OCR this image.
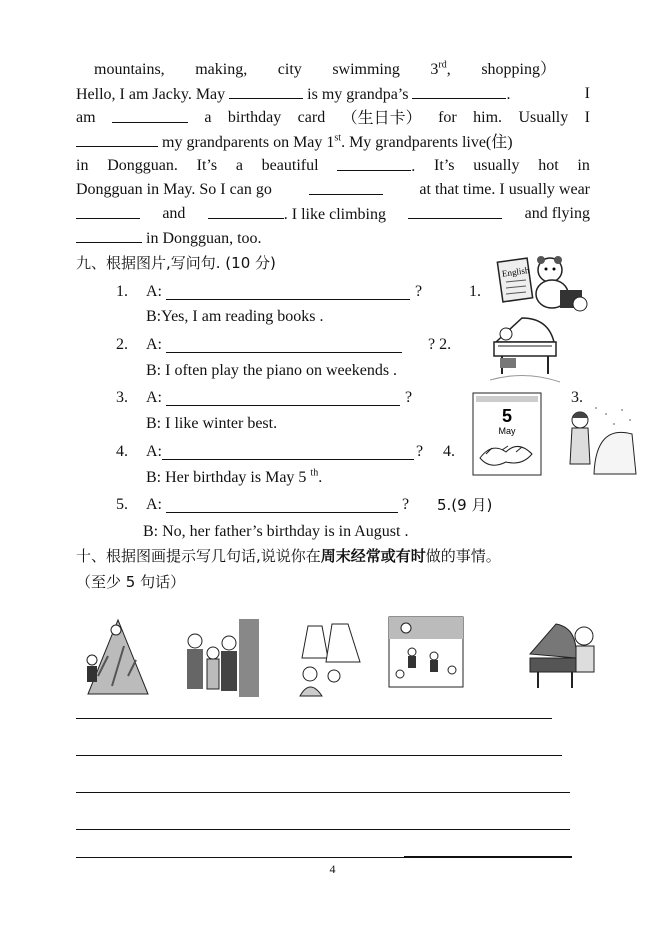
mountains, making, city swimming 3rd, shopping）
Hello, I am Jacky. May	is my grandpa’s	.	I
am	a birthday card （生日卡） for him. Usually I
my grandparents on May 1st. My grandparents live(住)
in Dongguan. It’s a beautiful	. It’s usually hot in
Dongguan in May. So I can go	at that time. I usually wear
and	. I like climbing	and flying
in Dongguan, too.
九、根据图片,写问句. (10 分)
1. A:	?	1.
B:Yes, I am reading books .
2. A:	? 2.
B: I often play the piano on weekends .
3. A:	?	3.
B: I like winter best.
4. A:	? 4.
B: Her birthday is May 5 $^{th}$.
5. A:	? 5.(9 月)
B: No, her father’s birthday is in August .
English
5
May
十、根据图画提示写几句话,说说你在周末经常或有时做的事情。
（至少 5 句话）
4
